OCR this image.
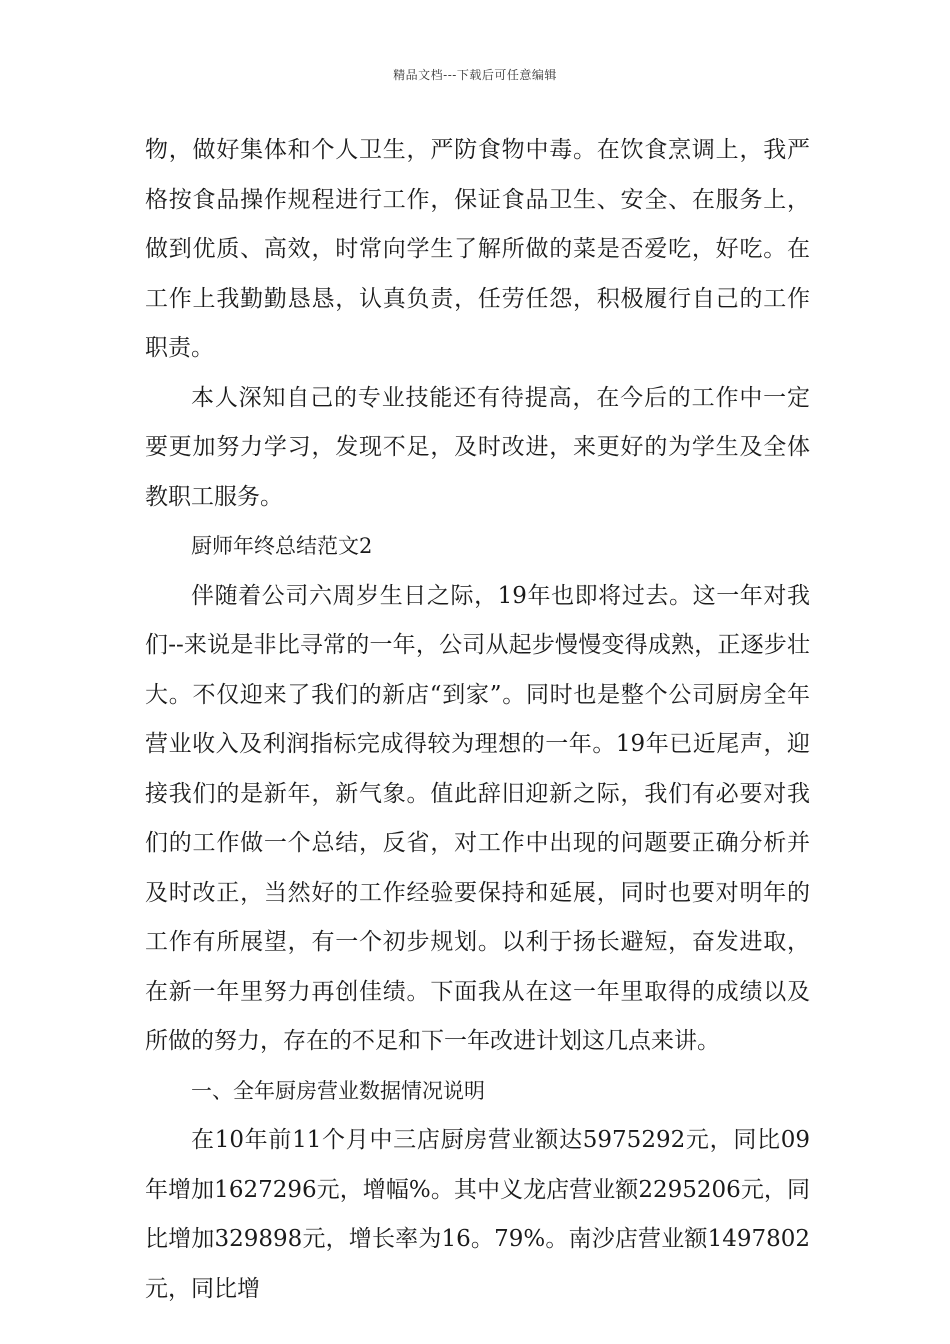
精品文档---下载后可任意编辑

物，做好集体和个人卫生，严防食物中毒。在饮食烹调上，我严格按食品操作规程进行工作，保证食品卫生、安全、在服务上，做到优质、高效，时常向学生了解所做的菜是否爱吃，好吃。在工作上我勤勤恳恳，认真负责，任劳任怨，积极履行自己的工作职责。

本人深知自己的专业技能还有待提高，在今后的工作中一定要更加努力学习，发现不足，及时改进，来更好的为学生及全体教职工服务。

厨师年终总结范文2

伴随着公司六周岁生日之际，19年也即将过去。这一年对我们--来说是非比寻常的一年，公司从起步慢慢变得成熟，正逐步壮大。不仅迎来了我们的新店“到家”。同时也是整个公司厨房全年营业收入及利润指标完成得较为理想的一年。19年已近尾声，迎接我们的是新年，新气象。值此辞旧迎新之际，我们有必要对我们的工作做一个总结，反省，对工作中出现的问题要正确分析并及时改正，当然好的工作经验要保持和延展，同时也要对明年的工作有所展望，有一个初步规划。以利于扬长避短，奋发进取，在新一年里努力再创佳绩。下面我从在这一年里取得的成绩以及所做的努力，存在的不足和下一年改进计划这几点来讲。

一、全年厨房营业数据情况说明

在10年前11个月中三店厨房营业额达5975292元，同比09年增加1627296元，增幅%。其中义龙店营业额2295206元，同比增加329898元，增长率为16。79%。南沙店营业额1497802元，同比增
